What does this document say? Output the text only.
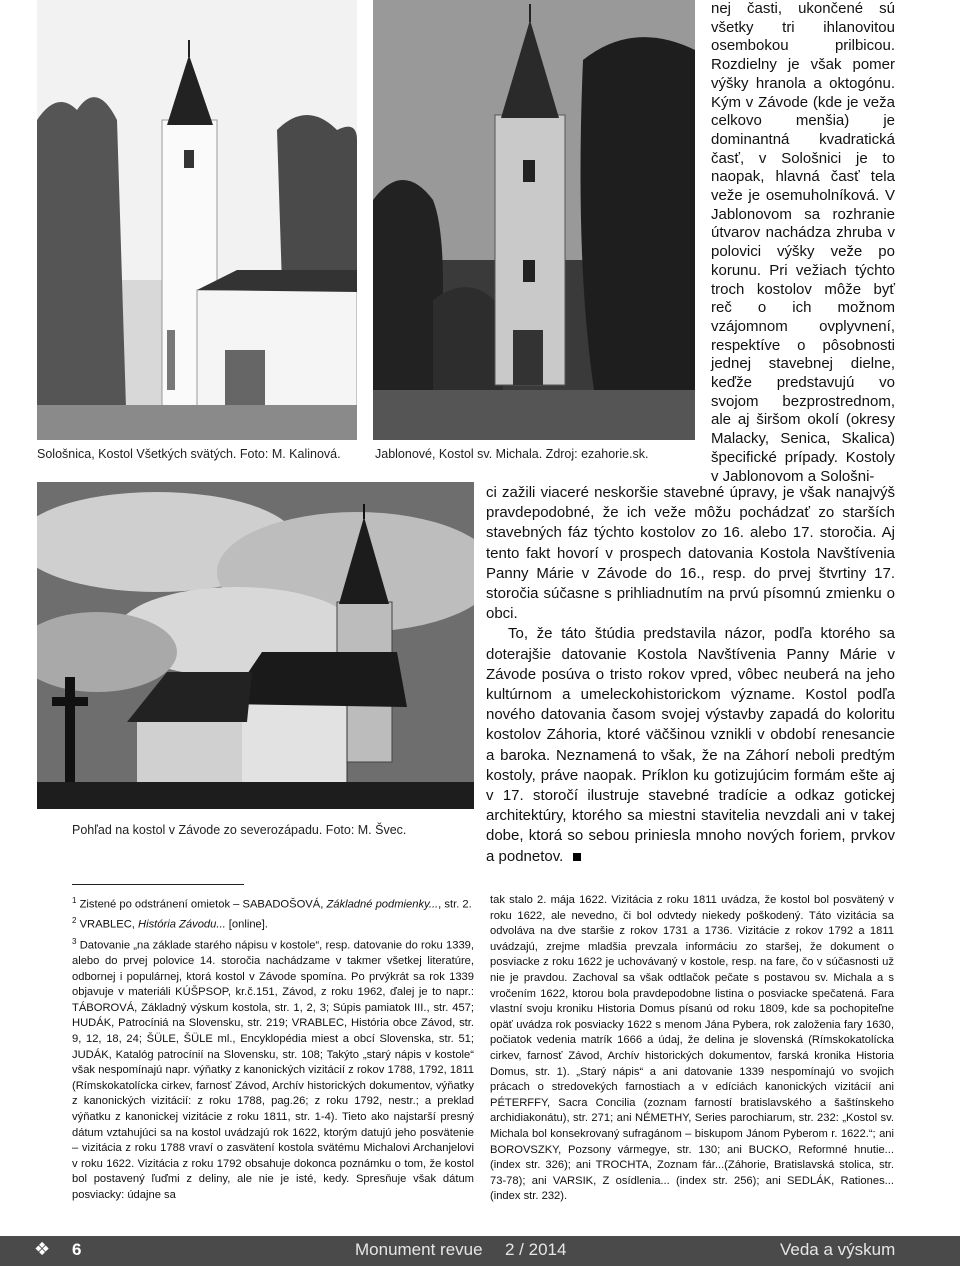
Sološnica, Kostol Všetkých svätých. Foto: M. Kalinová.	Jablonové, Kostol sv. Michala. Zdroj: ezahorie.sk.

nej časti, ukončené sú všetky tri ihlanovitou osembokou prilbicou. Rozdielny je však pomer výšky hranola a oktogónu. Kým v Závode (kde je veža celkovo menšia) je dominantná kvadratická časť, v Sološnici je to naopak, hlavná časť tela veže je osemuholníková. V Jablonovom sa rozhranie útvarov nachádza zhruba v polovici výšky veže po korunu. Pri vežiach týchto troch kostolov môže byť reč o ich možnom vzájomnom ovplyvnení, respektíve o pôsobnosti jednej stavebnej dielne, keďže predstavujú vo svojom bezprostrednom, ale aj širšom okolí (okresy Malacky, Senica, Skalica) špecifické prípady. Kostoly v Jablonovom a Sološni-

Pohľad na kostol v Závode zo severozápadu. Foto: M. Švec.

ci zažili viaceré neskoršie stavebné úpravy, je však nanajvýš pravdepodobné, že ich veže môžu pochádzať zo starších stavebných fáz týchto kostolov zo 16. alebo 17. storočia. Aj tento fakt hovorí v prospech datovania Kostola Navštívenia Panny Márie v Závode do 16., resp. do prvej štvrtiny 17. storočia súčasne s prihliadnutím na prvú písomnú zmienku o obci.

To, že táto štúdia predstavila názor, podľa ktorého sa doterajšie datovanie Kostola Navštívenia Panny Márie v Závode posúva o tristo rokov vpred, vôbec neuberá na jeho kultúrnom a umeleckohistorickom význame. Kostol podľa nového datovania časom svojej výstavby zapadá do koloritu kostolov Záhoria, ktoré väčšinou vznikli v období renesancie a baroka. Neznamená to však, že na Záhorí neboli predtým kostoly, práve naopak. Príklon ku gotizujúcim formám ešte aj v 17. storočí ilustruje stavebné tradície a odkaz gotickej architektúry, ktorého sa miestni stavitelia nevzdali ani v takej dobe, ktorá so sebou priniesla mnoho nových foriem, prvkov a podnetov.

$^1$ Zistené po odstránení omietok – SABADOŠOVÁ, Základné podmienky..., str. 2.

$^2$ VRABLEC, História Závodu... [online].

$^3$ Datovanie „na základe starého nápisu v kostole“, resp. datovanie do roku 1339, alebo do prvej polovice 14. storočia nachádzame v takmer všetkej literatúre, odbornej i populárnej, ktorá kostol v Závode spomína. Po prvýkrát sa rok 1339 objavuje v materiáli KÚŠPSOP, kr.č.151, Závod, z roku 1962, ďalej je to napr.: TÁBOROVÁ, Základný výskum kostola, str. 1, 2, 3; Súpis pamiatok III., str. 457; HUDÁK, Patrocíniá na Slovensku, str. 219; VRABLEC, História obce Závod, str. 9, 12, 18, 24; ŠÜLE, ŠÜLE ml., Encyklopédia miest a obcí Slovenska, str. 51; JUDÁK, Katalóg patrocínií na Slovensku, str. 108; Takýto „starý nápis v kostole“ však nespomínajú napr. výňatky z kanonických vizitácií z rokov 1788, 1792, 1811 (Rímskokatolícka cirkev, farnosť Závod, Archív historických dokumentov, výňatky z kanonických vizitácií: z roku 1788, pag.26; z roku 1792, nestr.; a preklad výňatku z kanonickej vizitácie z roku 1811, str. 1-4). Tieto ako najstarší presný dátum vztahujúci sa na kostol uvádzajú rok 1622, ktorým datujú jeho posvätenie – vizitácia z roku 1788 vraví o zasvätení kostola svätému Michalovi Archanjelovi v roku 1622. Vizitácia z roku 1792 obsahuje dokonca poznámku o tom, že kostol bol postavený ľuďmi z deliny, ale nie je isté, kedy. Spresňuje však dátum posviacky: údajne sa

tak stalo 2. mája 1622. Vizitácia z roku 1811 uvádza, že kostol bol posvätený v roku 1622, ale nevedno, či bol odvtedy niekedy poškodený. Táto vizitácia sa odvoláva na dve staršie z rokov 1731 a 1736. Vizitácie z rokov 1792 a 1811 uvádzajú, zrejme mladšia prevzala informáciu zo staršej, že dokument o posviacke z roku 1622 je uchovávaný v kostole, resp. na fare, čo v súčasnosti už nie je pravdou. Zachoval sa však odtlačok pečate s postavou sv. Michala a s vročením 1622, ktorou bola pravdepodobne listina o posviacke spečatená. Fara vlastní svoju kroniku Historia Domus písanú od roku 1809, kde sa pochopiteľne opäť uvádza rok posviacky 1622 s menom Jána Pybera, rok založenia fary 1630, počiatok vedenia matrík 1666 a údaj, že delina je slovenská (Rímskokatolícka cirkev, farnosť Závod, Archív historických dokumentov, farská kronika Historia Domus, str. 1). „Starý nápis“ a ani datovanie 1339 nespomínajú vo svojich prácach o stredovekých farnostiach a v edíciách kanonických vizitácií ani PÉTERFFY, Sacra Concilia (zoznam farností bratislavského a šaštínskeho archidiakonátu), str. 271; ani NÉMETHY, Series parochiarum, str. 232: „Kostol sv. Michala bol konsekrovaný sufragánom – biskupom Jánom Pyberom r. 1622.“; ani BOROVSZKY, Pozsony vármegye, str. 130; ani BUCKO, Reformné hnutie... (index str. 326); ani TROCHTA, Zoznam fár...(Záhorie, Bratislavská stolica, str. 73-78); ani VARSIK, Z osídlenia... (index str. 256); ani SEDLÁK, Rationes... (index str. 232).

❖ 6	Monument revue 2 / 2014	Veda a výskum
